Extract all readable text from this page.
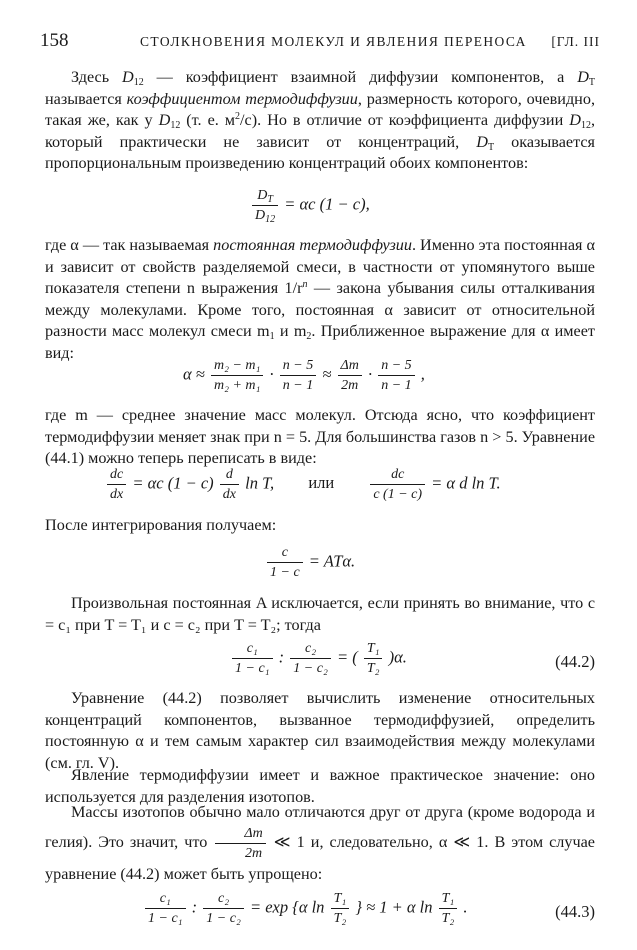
158	СТОЛКНОВЕНИЯ МОЛЕКУЛ И ЯВЛЕНИЯ ПЕРЕНОСА [ГЛ. III
Здесь $D_{12}$ — коэффициент взаимной диффузии компонентов, а $D_T$ называется коэффициентом термодиффузии, размерность которого, очевидно, такая же, как у $D_{12}$ (т. е. $м^2/с$). Но в отличие от коэффициента диффузии $D_{12}$, который практически не зависит от концентраций, $D_T$ оказывается пропорциональным произведению концентраций обоих компонентов:
$\frac{D_T}{D_{12}} = \alpha c$ (1 − c),
где α — так называемая постоянная термодиффузии. Именно эта постоянная α и зависит от свойств разделяемой смеси, в частности от упомянутого выше показателя степени n выражения $1/r^n$ — закона убывания силы отталкивания между молекулами. Кроме того, постоянная α зависит от относительной разности масс молекул смеси $m_1$ и $m_2$. Приближенное выражение для α имеет вид:
$\alpha \approx \frac{\text{m₂ − m₁}}{\text{m₂ + m₁}} \cdot \frac{n - 5}{n - 1} \approx \frac{\Delta m}{2m} \cdot \frac{n - 5}{n - 1}$ ,
где m — среднее значение масс молекул. Отсюда ясно, что коэффициент термодиффузии меняет знак при n = 5. Для большинства газов n > 5. Уравнение (44.1) можно теперь переписать в виде:
$\frac{dc}{dx} = \alpha c$ $(1 - c) \frac{d}{dx}$ ln T, или	$\frac{dc}{c (1 - c)} = \alpha$ d ln T.
После интегрирования получаем:
$\frac{c}{1 - c} = AT\alpha$.
Произвольная постоянная A исключается, если принять во внимание, что c = c₁ при T = T₁ и c = c₂ при T = T₂; тогда
$\frac{\text{c₁}}{\text{1 − c₁}}$ : $\frac{\text{c₂}}{\text{1 − c₂}}$ = ( $\frac{\text{T₁}}{\text{T₂}} )\alpha$.	(44.2)
Уравнение (44.2) позволяет вычислить изменение относительных концентраций компонентов, вызванное термодиффузией, определить постоянную α и тем самым характер сил взаимодействия между молекулами (см. гл. V).
Явление термодиффузии имеет и важное практическое значение: оно используется для разделения изотопов.
Массы изотопов обычно мало отличаются друг от друга (кроме водорода и гелия). Это значит, что $\frac{\Delta m}{2m}$ ≪ 1 и, следовательно, α ≪ 1. В этом случае уравнение (44.2) может быть упрощено:
$\frac{\text{c₁}}{\text{1 − c₁}}$ : $\frac{\text{c₂}}{\text{1 − c₂}} = \exp \{\alpha$ $\ln \frac{\text{T₁}}{\text{T₂}}$ } ≈ 1 + α $\ln \frac{\text{T₁}}{\text{T₂}}$ .	(44.3)
